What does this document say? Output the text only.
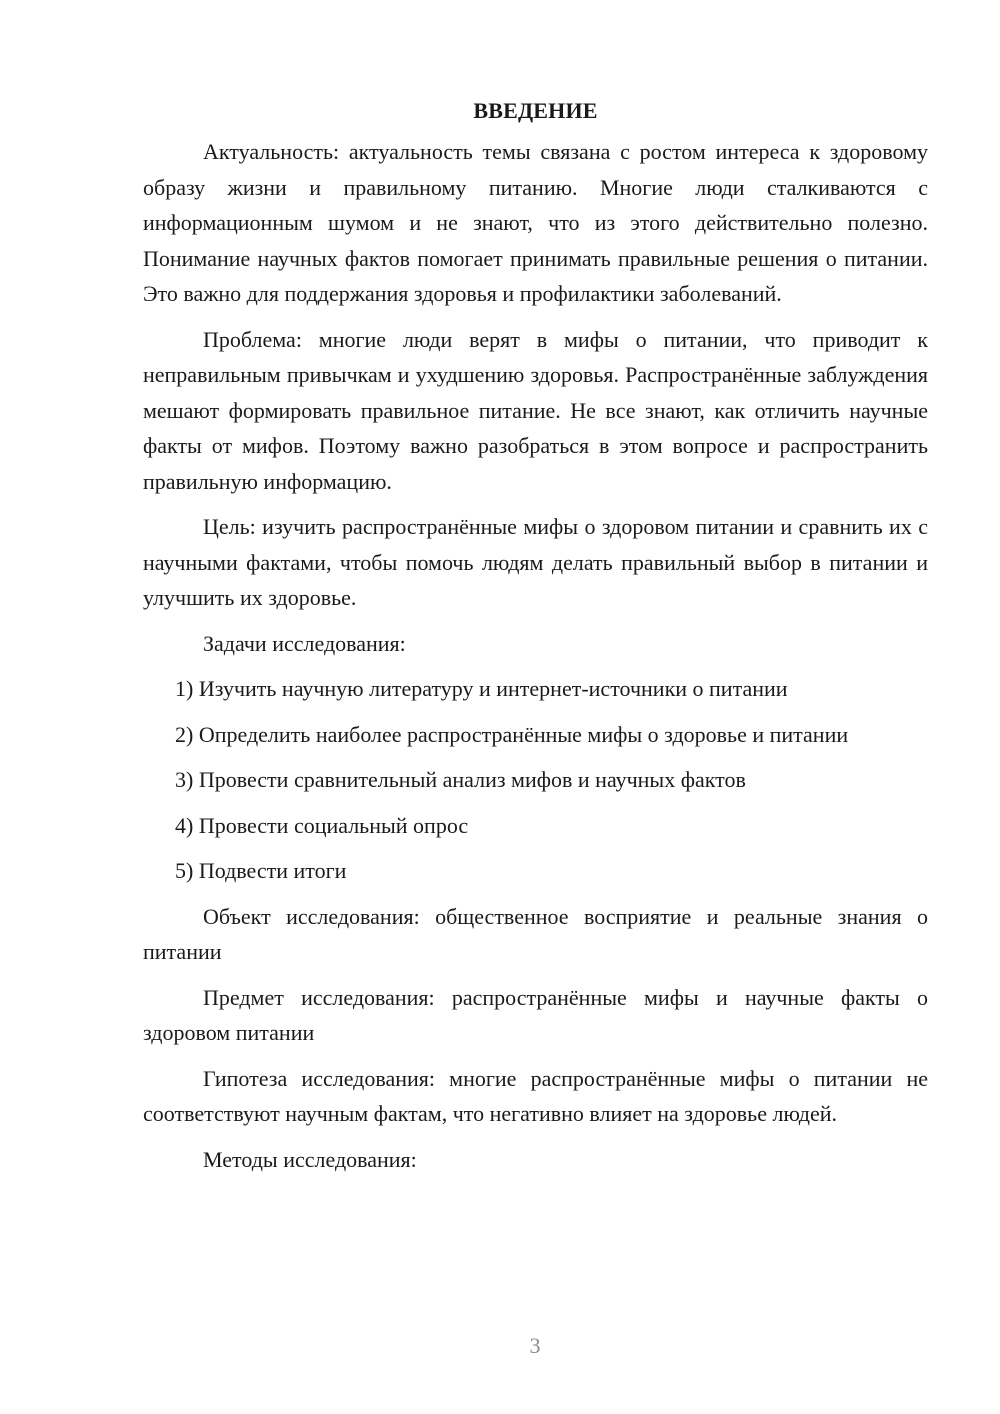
ВВЕДЕНИЕ

Актуальность: актуальность темы связана с ростом интереса к здоровому образу жизни и правильному питанию. Многие люди сталкиваются с информационным шумом и не знают, что из этого действительно полезно. Понимание научных фактов помогает принимать правильные решения о питании. Это важно для поддержания здоровья и профилактики заболеваний.

Проблема: многие люди верят в мифы о питании, что приводит к неправильным привычкам и ухудшению здоровья. Распространённые заблуждения мешают формировать правильное питание. Не все знают, как отличить научные факты от мифов. Поэтому важно разобраться в этом вопросе и распространить правильную информацию.

Цель: изучить распространённые мифы о здоровом питании и сравнить их с научными фактами, чтобы помочь людям делать правильный выбор в питании и улучшить их здоровье.

Задачи исследования:

1) Изучить научную литературу и интернет-источники о питании

2) Определить наиболее распространённые мифы о здоровье и питании

3) Провести сравнительный анализ мифов и научных фактов

4) Провести социальный опрос

5) Подвести итоги

Объект исследования: общественное восприятие и реальные знания о питании

Предмет исследования: распространённые мифы и научные факты о здоровом питании

Гипотеза исследования: многие распространённые мифы о питании не соответствуют научным фактам, что негативно влияет на здоровье людей.

Методы исследования:

3
